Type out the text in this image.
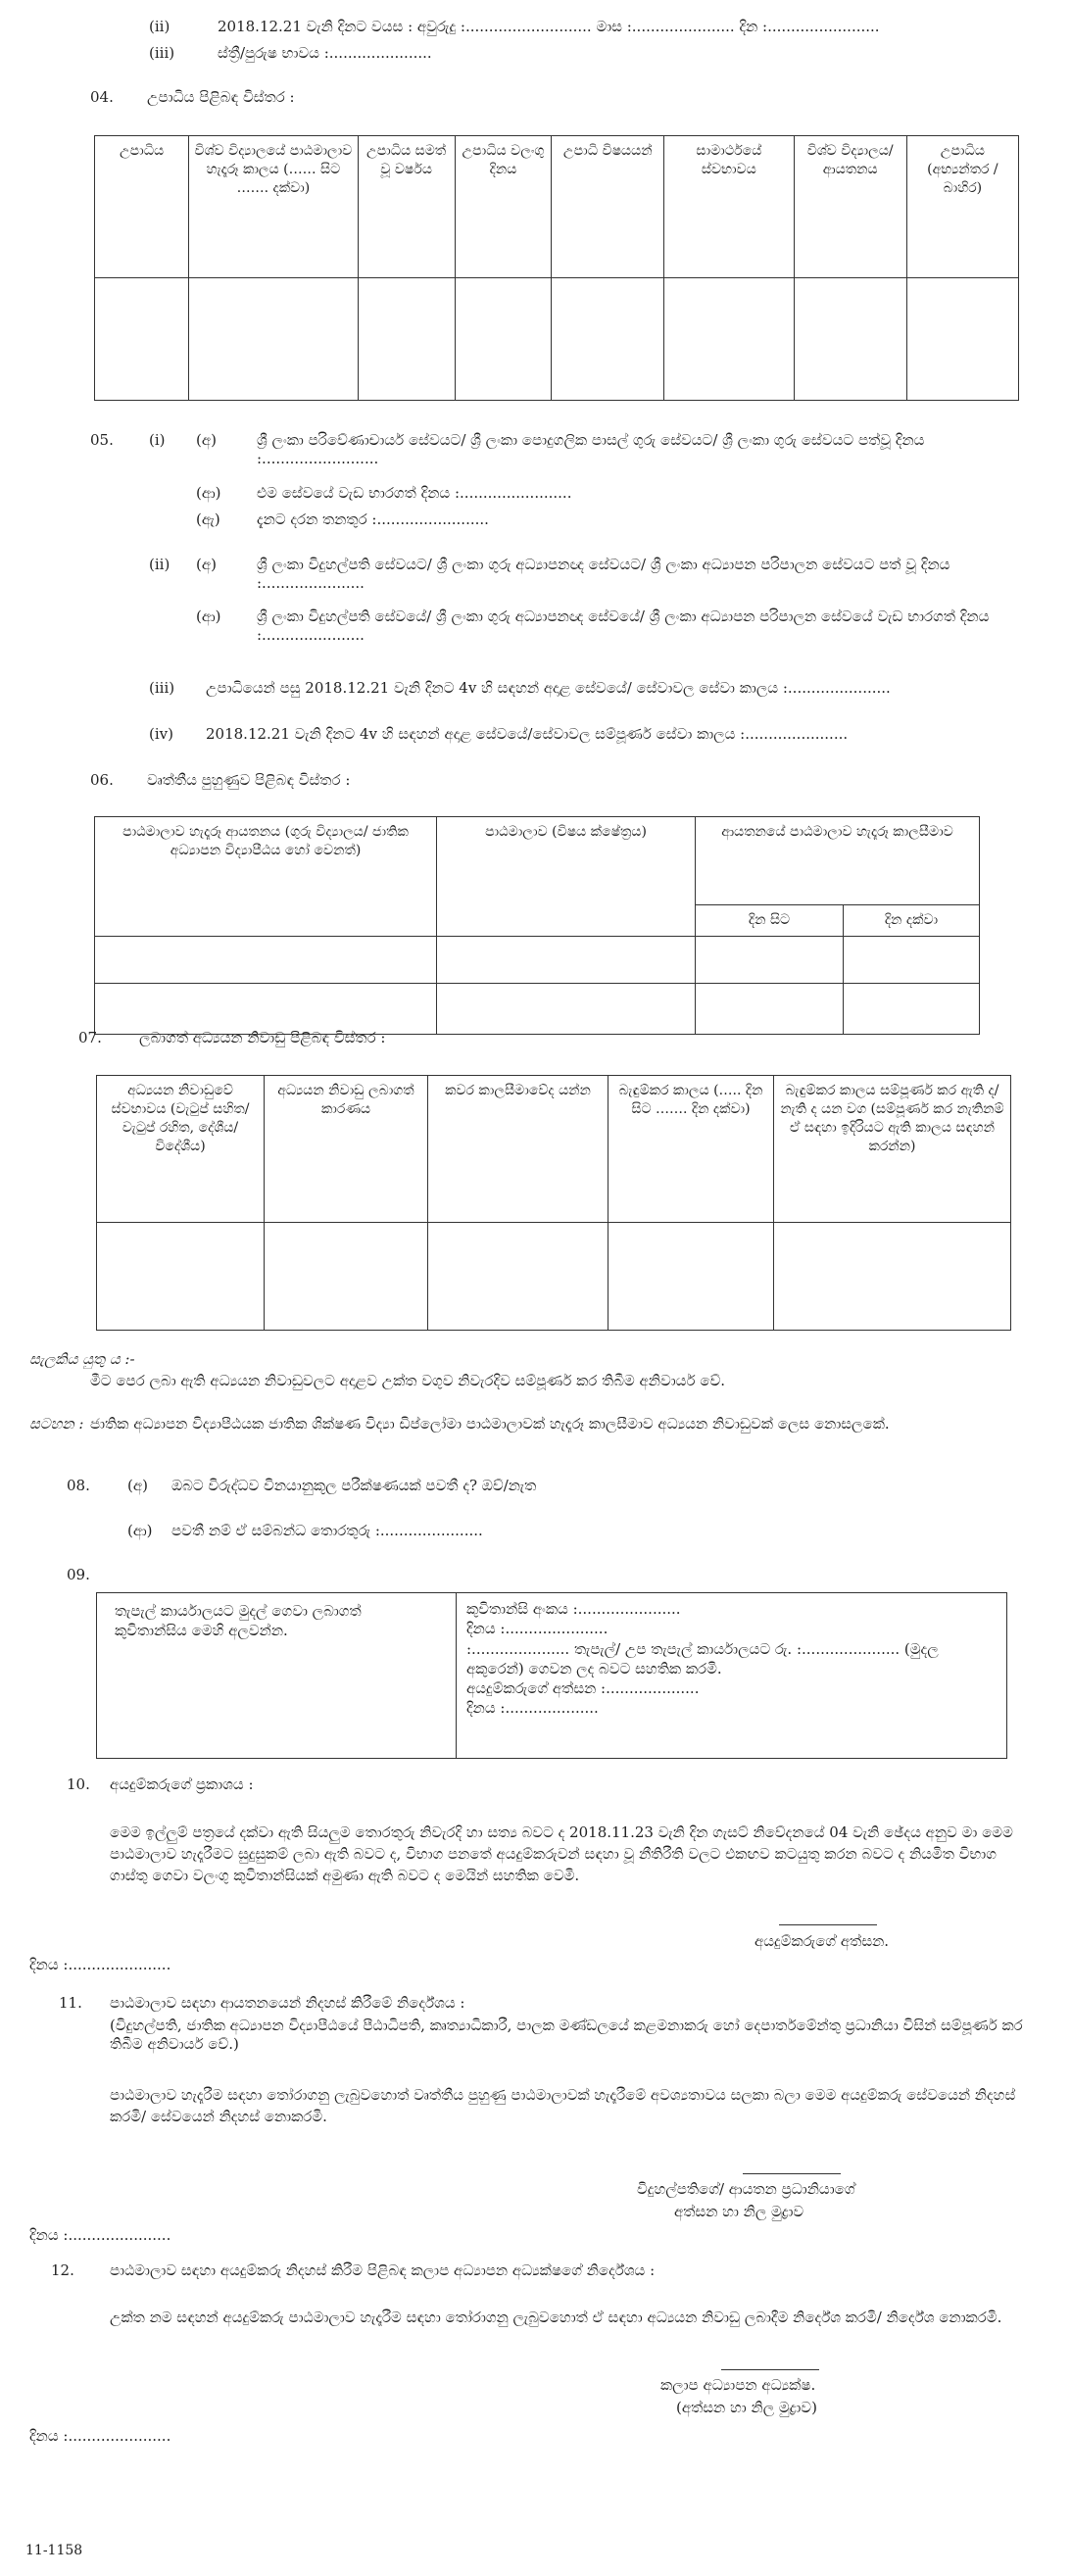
(ii)	2018.12.21 වැනි දිනට වයස : අවුරුදු :........................... මාස :...................... දින :........................
(iii)	ස්ත්‍රී/පුරුෂ භාවය :......................
04. උපාධිය පිළිබඳ විස්තර :
උපාධිය	විශ්ව විද්‍යාලයේ පාඨමාලාව හැදෑරූ කාලය (…… සිට ……. දක්වා)	උපාධිය සමත් වූ වර්ෂය	උපාධිය වලංගු දිනය	උපාධි විෂයයන්	සාමාර්ථයේ ස්වභාවය	විශ්ව විද්‍යාලය/ ආයතනය	උපාධිය (අභ්‍යන්තර /බාහිර)

05. (i) (අ)	ශ්‍රී ලංකා පරිවේණාචාර්ය සේවයට/ ශ්‍රී ලංකා පොදුගලික පාසල් ගුරු සේවයට/ ශ්‍රී ලංකා ගුරු සේවයට පත්වූ දිනය :.........................
(ආ) එම සේවයේ වැඩ භාරගත් දිනය :........................
(ඇ) දැනට දරන තනතුර :........................
(ii) (අ)	ශ්‍රී ලංකා විදුහල්පති සේවයට/ ශ්‍රී ලංකා ගුරු අධ්‍යාපනඥ සේවයට/ ශ්‍රී ලංකා අධ්‍යාපන පරිපාලන සේවයට පත් වූ දිනය :......................
(ආ) ශ්‍රී ලංකා විදුහල්පති සේවයේ/ ශ්‍රී ලංකා ගුරු අධ්‍යාපනඥ සේවයේ/ ශ්‍රී ලංකා අධ්‍යාපන පරිපාලන සේවයේ වැඩ භාරගත් දිනය :......................
(iii) උපාධියෙන් පසු 2018.12.21 වැනි දිනට 4v හි සඳහන් අදාළ සේවයේ/ සේවාවල සේවා කාලය :......................
(iv) 2018.12.21 වැනි දිනට 4v හි සඳහන් අදාළ සේවයේ/සේවාවල සම්පූර්ණ සේවා කාලය :......................
06. වෘත්තීය පුහුණුව පිළිබඳ විස්තර :
පාඨමාලාව හැදෑරූ ආයතනය (ගුරු විද්‍යාලය/ ජාතික අධ්‍යාපන විද්‍යාපීඨය හෝ වෙනත්)	පාඨමාලාව (විෂය ක්ෂේත්‍රය)	ආයතනයේ පාඨමාලාව හැදෑරූ කාලසීමාව	
		දින සිට	දින දක්වා

07.	ලබාගත් අධ්‍යයන නිවාඩු පිළිබඳ විස්තර :
අධ්‍යයන නිවාඩුවේ ස්වභාවය (වැටුප් සහිත/ වැටුප් රහිත, දේශීය/විදේශීය)	අධ්‍යයන නිවාඩු ලබාගත් කාරණය	කවර කාලසීමාවේද යන්න	බැඳුම්කර කාලය (….. දින සිට ……. දින දක්වා)	බැඳුම්කර කාලය සම්පූර්ණ කර ඇති ද/නැති ද යන වග (සම්පූර්ණ කර නැතිනම් ඒ සඳහා ඉදිරියට ඇති කාලය සඳහන් කරන්න)

සැලකිය යුතු ය :-
මීට පෙර ලබා ඇති අධ්‍යයන නිවාඩුවලට අදාළව උක්ත වගුව නිවැරදිව සම්පූර්ණ කර තිබීම අනිවාර්ය වේ.
සටහන : ජාතික අධ්‍යාපන විද්‍යාපීඨයක ජාතික ශික්ෂණ විද්‍යා ඩිප්ලෝමා පාඨමාලාවක් හැදෑරූ කාලසීමාව අධ්‍යයන නිවාඩුවක් ලෙස නොසලකේ.
08.	(අ) ඔබට විරුද්ධව විනයානුකූල පරීක්ෂණයක් පවතී ද? ඔව්/නැත
(ආ) පවතී නම් ඒ සම්බන්ධ තොරතුරු :......................
09.
තැපැල් කාර්යාලයට මුදල් ගෙවා ලබාගත් කුවිතාන්සිය මෙහි අලවන්න.	
කුවිතාන්සි අංකය :......................
දිනය :......................
:..................... තැපැල්/ උප තැපැල් කාර්යාලයට රු. :..................... (මුදල අකුරෙන්) ගෙවන ලද බවට සහතික කරමි.
අයදුම්කරුගේ අත්සන :....................
දිනය :....................
10. අයදුම්කරුගේ ප්‍රකාශය :
මෙම ඉල්ලුම් පත්‍රයේ දක්වා ඇති සියලුම තොරතුරු නිවැරදි හා සත්‍ය බවට ද 2018.11.23 වැනි දින ගැසට් නිවේදනයේ 04 වැනි ඡේදය අනුව මා මෙම පාඨමාලාව හැදෑරීමට සුදුසුකම් ලබා ඇති බවට ද, විභාග පනතේ අයදුම්කරුවන් සඳහා වූ නීතිරීති වලට එකඟව කටයුතු කරන බවට ද නියමිත විභාග ගාස්තු ගෙවා වලංගු කුවිතාන්සියක් අමුණා ඇති බවට ද මෙයින් සහතික වෙමි.
අයදුම්කරුගේ අත්සන.
දිනය :......................
11. පාඨමාලාව සඳහා ආයතනයෙන් නිදහස් කිරීමේ නිර්දේශය :
(විදුහල්පති, ජාතික අධ්‍යාපන විද්‍යාපීඨයේ පීඨාධිපති, කෘත්‍යාධිකාරී, පාලක මණ්ඩලයේ කළමනාකරු හෝ දෙපාර්තමේන්තු ප්‍රධානියා විසින් සම්පූර්ණ කර තිබීම අනිවාර්ය වේ.)
පාඨමාලාව හැදෑරීම සඳහා තෝරාගනු ලැබුවහොත් වෘත්තීය පුහුණු පාඨමාලාවක් හැදෑරීමේ අවශ්‍යතාවය සලකා බලා මෙම අයදුම්කරු සේවයෙන් නිදහස් කරමි/ සේවයෙන් නිදහස් නොකරමි.
විදුහල්පතිගේ/ ආයතන ප්‍රධානියාගේ
අත්සන හා නිල මුද්‍රාව
දිනය :......................
12. පාඨමාලාව සඳහා අයදුම්කරු නිදහස් කිරීම පිළිබඳ කලාප අධ්‍යාපන අධ්‍යක්ෂගේ නිර්දේශය :
උක්ත නම සඳහන් අයදුම්කරු පාඨමාලාව හැදෑරීම සඳහා තෝරාගනු ලැබුවහොත් ඒ සඳහා අධ්‍යයන නිවාඩු ලබාදීම නිර්දේශ කරමි/ නිර්දේශ නොකරමි.
කලාප අධ්‍යාපන අධ්‍යක්ෂ.
(අත්සන හා නිල මුද්‍රාව)
දිනය :......................
11-1158
